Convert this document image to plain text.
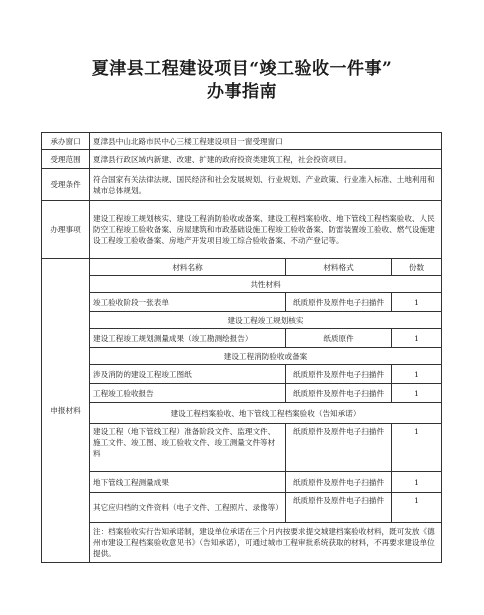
夏津县工程建设项目“竣工验收一件事”
办事指南
承办窗口	夏津县中山北路市民中心三楼工程建设项目一窗受理窗口		
受理范围	夏津县行政区域内新建、改建、扩建的政府投资类建筑工程，社会投资项目。		
受理条件	符合国家有关法律法规、国民经济和社会发展规划、行业规划、产业政策、行业准入标准、土地利用和城市总体规划。		
办理事项	建设工程竣工规划核实、建设工程消防验收或备案、建设工程档案验收、地下管线工程档案验收、人民防空工程竣工验收备案、房屋建筑和市政基础设施工程竣工验收备案、防雷装置竣工验收、燃气设施建设工程竣工验收备案、房地产开发项目竣工综合验收备案、不动产登记等。		
申报材料	材料名称	材料格式	份数
	共性材料		
	竣工验收阶段一张表单	纸质原件及原件电子扫描件	1
	建设工程竣工规划核实		
	建设工程竣工规划测量成果（竣工勘测绘报告）	纸质原件	1
	建设工程消防验收或备案		
	涉及消防的建设工程竣工图纸	纸质原件及原件电子扫描件	1
	工程竣工验收报告	纸质原件及原件电子扫描件	1
	建设工程档案验收、地下管线工程档案验收（告知承诺）		
	建设工程（地下管线工程）准备阶段文件、监理文件、施工文件、竣工图、竣工验收文件、竣工测量文件等材料	纸质原件及原件电子扫描件	1
	地下管线工程测量成果	纸质原件及原件电子扫描件	1
	其它应归档的文件资料（电子文件、工程照片、录像等）	纸质原件及原件电子扫描件	1
	注：档案验收实行告知承诺制，建设单位承诺在三个月内按要求提交城建档案验收材料，既可发放《德州市建设工程档案验收意见书》（告知承诺），可通过城市工程审批系统获取的材料，不再要求建设单位提供。		
